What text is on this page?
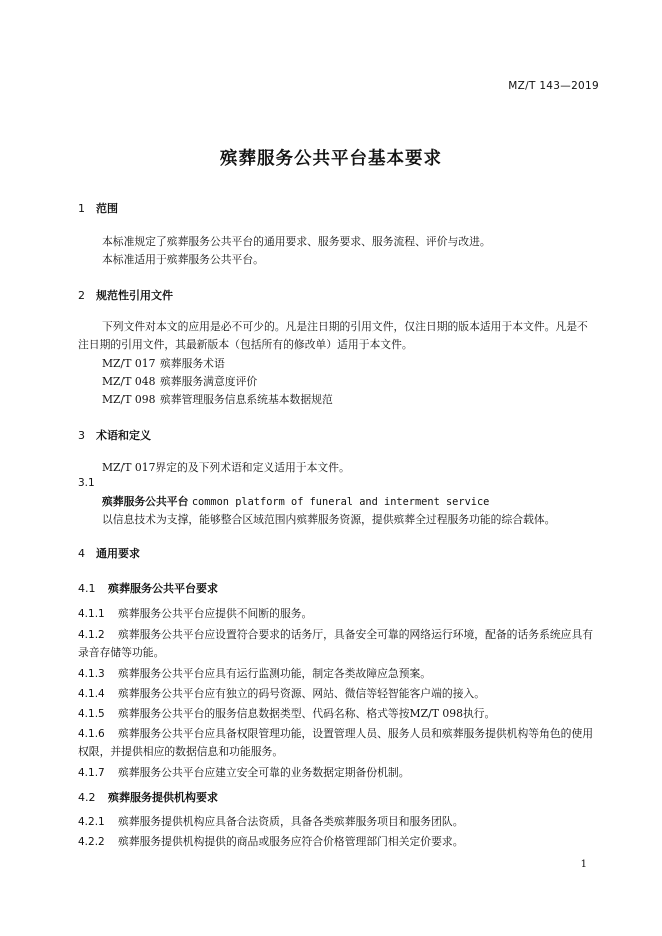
MZ/T 143—2019
殡葬服务公共平台基本要求
1 范围
本标准规定了殡葬服务公共平台的通用要求、服务要求、服务流程、评价与改进。
本标准适用于殡葬服务公共平台。
2 规范性引用文件
下列文件对本文的应用是必不可少的。凡是注日期的引用文件，仅注日期的版本适用于本文件。凡是不注日期的引用文件，其最新版本（包括所有的修改单）适用于本文件。
MZ/T 017 殡葬服务术语
MZ/T 048 殡葬服务满意度评价
MZ/T 098 殡葬管理服务信息系统基本数据规范
3 术语和定义
MZ/T 017界定的及下列术语和定义适用于本文件。
3.1
殡葬服务公共平台 common platform of funeral and interment service
以信息技术为支撑，能够整合区域范围内殡葬服务资源，提供殡葬全过程服务功能的综合载体。
4 通用要求
4.1 殡葬服务公共平台要求
4.1.1 殡葬服务公共平台应提供不间断的服务。
4.1.2 殡葬服务公共平台应设置符合要求的话务厅，具备安全可靠的网络运行环境，配备的话务系统应具有录音存储等功能。
4.1.3 殡葬服务公共平台应具有运行监测功能，制定各类故障应急预案。
4.1.4 殡葬服务公共平台应有独立的码号资源、网站、微信等轻智能客户端的接入。
4.1.5 殡葬服务公共平台的服务信息数据类型、代码名称、格式等按MZ/T 098执行。
4.1.6 殡葬服务公共平台应具备权限管理功能，设置管理人员、服务人员和殡葬服务提供机构等角色的使用权限，并提供相应的数据信息和功能服务。
4.1.7 殡葬服务公共平台应建立安全可靠的业务数据定期备份机制。
4.2 殡葬服务提供机构要求
4.2.1 殡葬服务提供机构应具备合法资质，具备各类殡葬服务项目和服务团队。
4.2.2 殡葬服务提供机构提供的商品或服务应符合价格管理部门相关定价要求。
1
